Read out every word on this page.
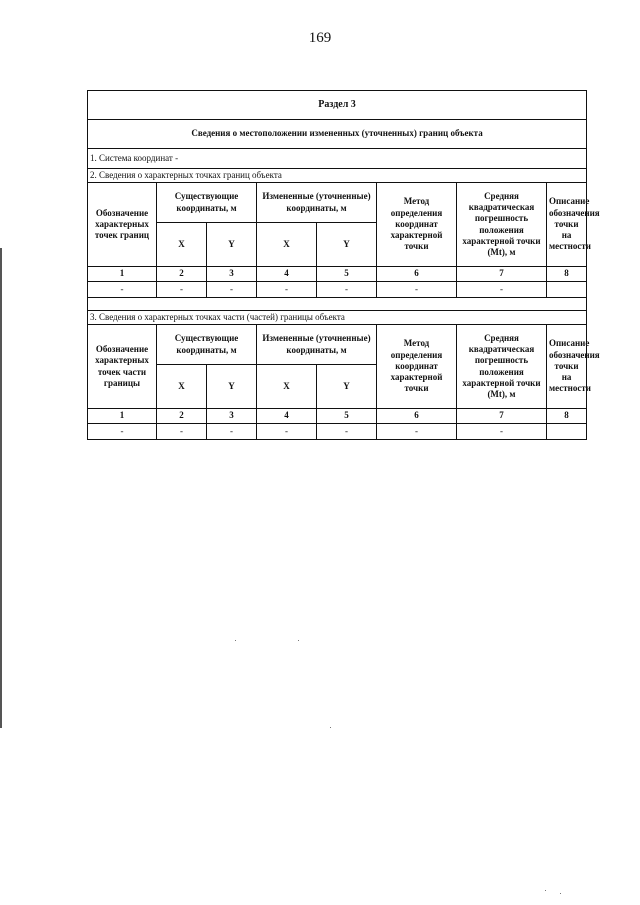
169
Раздел 3							
Сведения о местоположении измененных (уточненных) границ объекта							
1. Система координат -							
2. Сведения о характерных точках границ объекта							
Обозначение характерных точек границ	Существующие координаты, м		Измененные (уточненные) координаты, м		Метод определения координат характерной точки	Средняя квадратическая погрешность положения характерной точки (Mt), м	Описание обозначения точки на местности
	X	Y	X	Y			
1	2	3	4	5	6	7	8
-	-	-	-	-	-	-	

3. Сведения о характерных точках части (частей) границы объекта							
Обозначение характерных точек части границы	Существующие координаты, м		Измененные (уточненные) координаты, м		Метод определения координат характерной точки	Средняя квадратическая погрешность положения характерной точки (Mt), м	Описание обозначения точки на местности
	X	Y	X	Y			
1	2	3	4	5	6	7	8
-	-	-	-	-	-	-	
